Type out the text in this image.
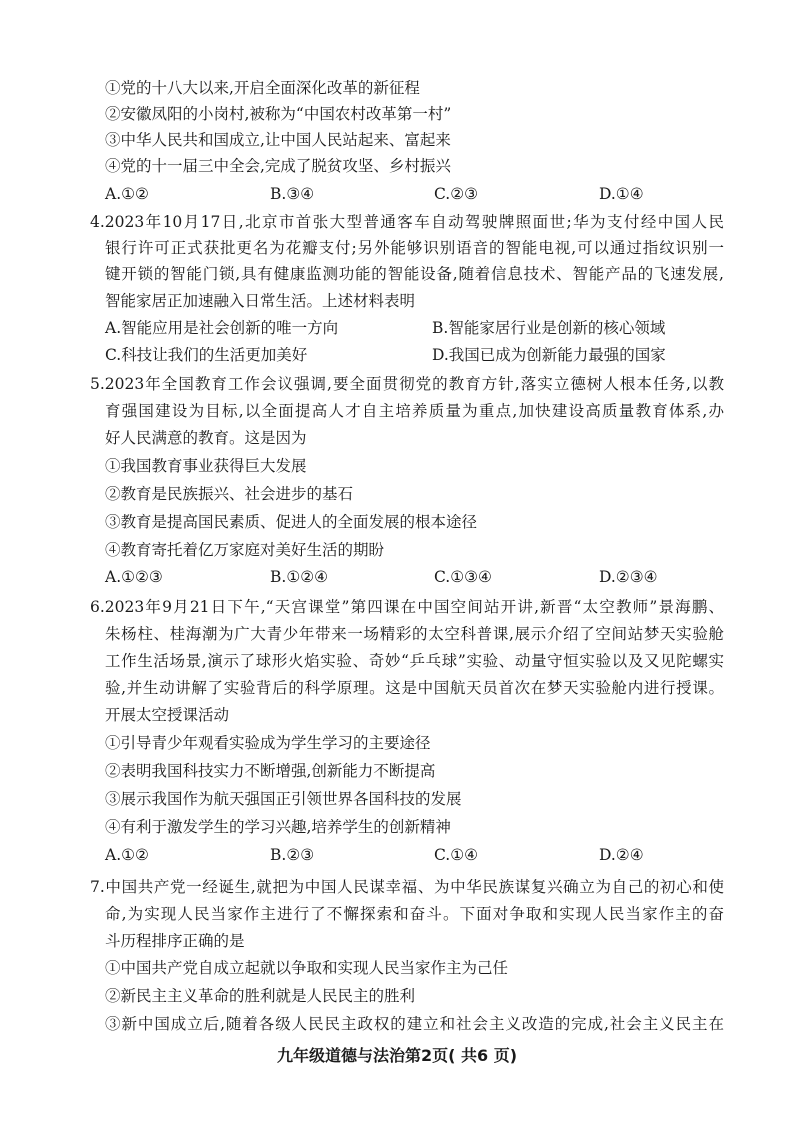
①党的十八大以来,开启全面深化改革的新征程
②安徽凤阳的小岗村,被称为“中国农村改革第一村”
③中华人民共和国成立,让中国人民站起来、富起来
④党的十一届三中全会,完成了脱贫攻坚、乡村振兴
A.①②	B.③④	C.②③	D.①④
4.2023年10月17日,北京市首张大型普通客车自动驾驶牌照面世;华为支付经中国人民
银行许可正式获批更名为花瓣支付;另外能够识别语音的智能电视,可以通过指纹识别一
键开锁的智能门锁,具有健康监测功能的智能设备,随着信息技术、智能产品的飞速发展,
智能家居正加速融入日常生活。上述材料表明
A.智能应用是社会创新的唯一方向	B.智能家居行业是创新的核心领域
C.科技让我们的生活更加美好	D.我国已成为创新能力最强的国家
5.2023年全国教育工作会议强调,要全面贯彻党的教育方针,落实立德树人根本任务,以教
育强国建设为目标,以全面提高人才自主培养质量为重点,加快建设高质量教育体系,办
好人民满意的教育。这是因为
①我国教育事业获得巨大发展
②教育是民族振兴、社会进步的基石
③教育是提高国民素质、促进人的全面发展的根本途径
④教育寄托着亿万家庭对美好生活的期盼
A.①②③	B.①②④	C.①③④	D.②③④
6.2023年9月21日下午,“天宫课堂”第四课在中国空间站开讲,新晋“太空教师”景海鹏、
朱杨柱、桂海潮为广大青少年带来一场精彩的太空科普课,展示介绍了空间站梦天实验舱
工作生活场景,演示了球形火焰实验、奇妙“乒乓球”实验、动量守恒实验以及又见陀螺实
验,并生动讲解了实验背后的科学原理。这是中国航天员首次在梦天实验舱内进行授课。
开展太空授课活动
①引导青少年观看实验成为学生学习的主要途径
②表明我国科技实力不断增强,创新能力不断提高
③展示我国作为航天强国正引领世界各国科技的发展
④有利于激发学生的学习兴趣,培养学生的创新精神
A.①②	B.②③	C.①④	D.②④
7.中国共产党一经诞生,就把为中国人民谋幸福、为中华民族谋复兴确立为自己的初心和使
命,为实现人民当家作主进行了不懈探索和奋斗。下面对争取和实现人民当家作主的奋
斗历程排序正确的是
①中国共产党自成立起就以争取和实现人民当家作主为己任
②新民主主义革命的胜利就是人民民主的胜利
③新中国成立后,随着各级人民民主政权的建立和社会主义改造的完成,社会主义民主在
九年级道德与法治第2页( 共6 页)
